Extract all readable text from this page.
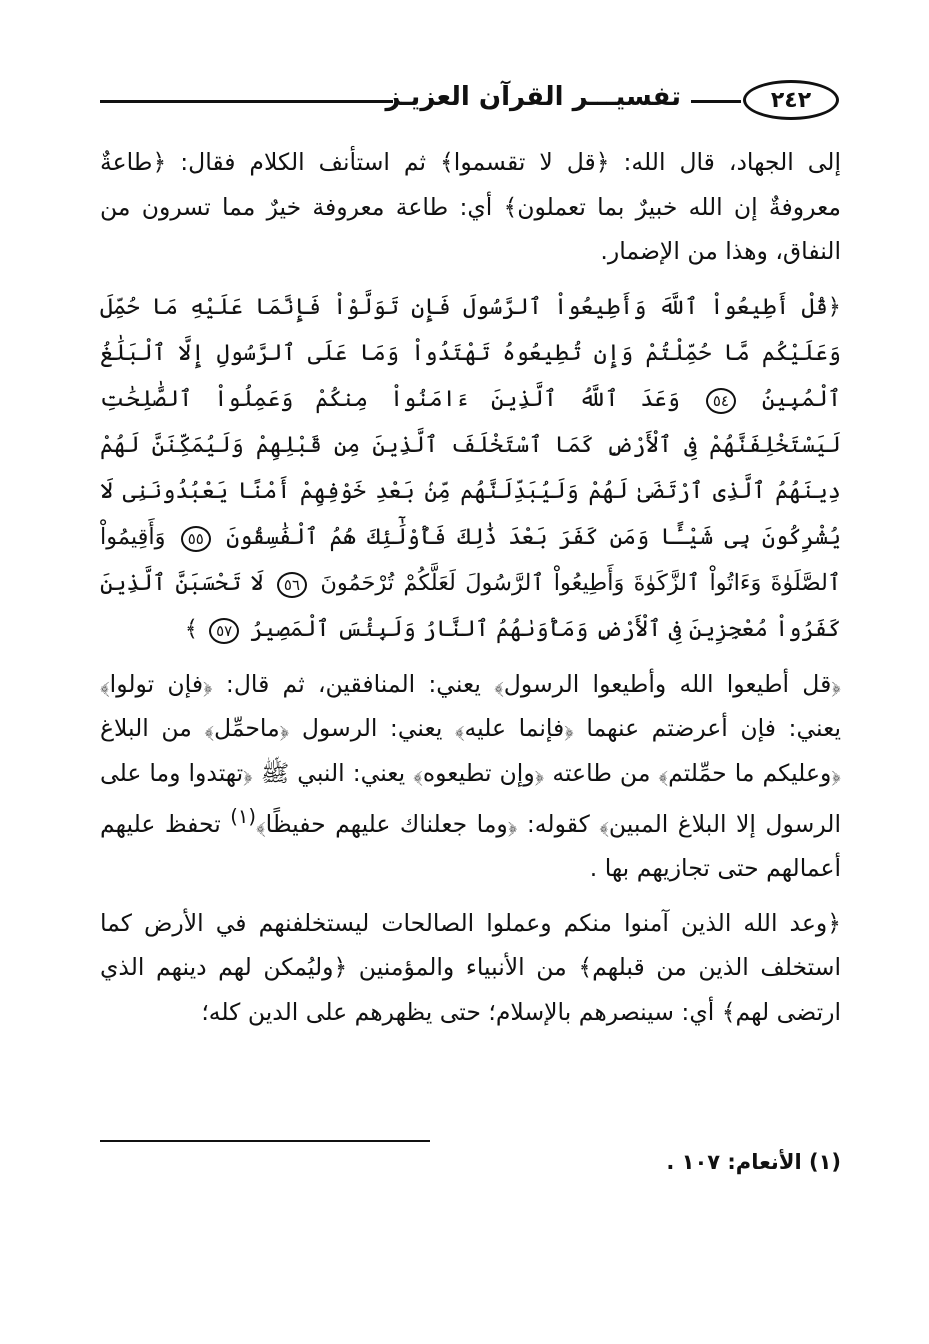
٢٤٢
تفسيـــر القرآن العزيـز

إلى الجهاد، قال الله: ﴿قل لا تقسموا﴾ ثم استأنف الكلام فقال: ﴿طاعةٌ معروفةٌ إن الله خبيرٌ بما تعملون﴾ أي: طاعة معروفة خيرٌ مما تسرون من النفاق، وهذا من الإضمار.

﴿قُلْ أَطِيعُواْ ٱللَّهَ وَأَطِيعُواْ ٱلرَّسُولَ فَإِن تَوَلَّوْاْ فَإِنَّمَا عَلَيْهِ مَا حُمِّلَ وَعَلَيْكُم مَّا حُمِّلْتُمْ وَإِن تُطِيعُوهُ تَهْتَدُواْ وَمَا عَلَى ٱلرَّسُولِ إِلَّا ٱلْبَلَٰغُ ٱلْمُبِينُ ٥٤ وَعَدَ ٱللَّهُ ٱلَّذِينَ ءَامَنُواْ مِنكُمْ وَعَمِلُواْ ٱلصَّٰلِحَٰتِ لَيَسْتَخْلِفَنَّهُمْ فِى ٱلْأَرْضِ كَمَا ٱسْتَخْلَفَ ٱلَّذِينَ مِن قَبْلِهِمْ وَلَيُمَكِّنَنَّ لَهُمْ دِينَهُمُ ٱلَّذِى ٱرْتَضَىٰ لَهُمْ وَلَيُبَدِّلَنَّهُم مِّنۢ بَعْدِ خَوْفِهِمْ أَمْنًا يَعْبُدُونَنِى لَا يُشْرِكُونَ بِى شَيْـًٔا وَمَن كَفَرَ بَعْدَ ذَٰلِكَ فَأُوْلَٰٓئِكَ هُمُ ٱلْفَٰسِقُونَ ٥٥ وَأَقِيمُواْ ٱلصَّلَوٰةَ وَءَاتُواْ ٱلزَّكَوٰةَ وَأَطِيعُواْ ٱلرَّسُولَ لَعَلَّكُمْ تُرْحَمُونَ ٥٦ لَا تَحْسَبَنَّ ٱلَّذِينَ كَفَرُواْ مُعْجِزِينَ فِى ٱلْأَرْضِ وَمَأْوَىٰهُمُ ٱلنَّارُ وَلَبِئْسَ ٱلْمَصِيرُ ٥٧ ﴾

﴿قل أطيعوا الله وأطيعوا الرسول﴾ يعني: المنافقين، ثم قال: ﴿فإن تولوا﴾ يعني: فإن أعرضتم عنهما ﴿فإنما عليه﴾ يعني: الرسول ﴿ماحمِّل﴾ من البلاغ ﴿وعليكم ما حمِّلتم﴾ من طاعته ﴿وإن تطيعوه﴾ يعني: النبي ﷺ ﴿تهتدوا وما على الرسول إلا البلاغ المبين﴾ كقوله: ﴿وما جعلناك عليهم حفيظًا﴾$^{(١)}$ تحفظ عليهم أعمالهم حتى تجازيهم بها .

﴿وعد الله الذين آمنوا منكم وعملوا الصالحات ليستخلفنهم في الأرض كما استخلف الذين من قبلهم﴾ من الأنبياء والمؤمنين ﴿وليُمكن لهم دينهم الذي ارتضى لهم﴾ أي: سينصرهم بالإسلام؛ حتى يظهرهم على الدين كله؛

(١) الأنعام: ١٠٧ .
